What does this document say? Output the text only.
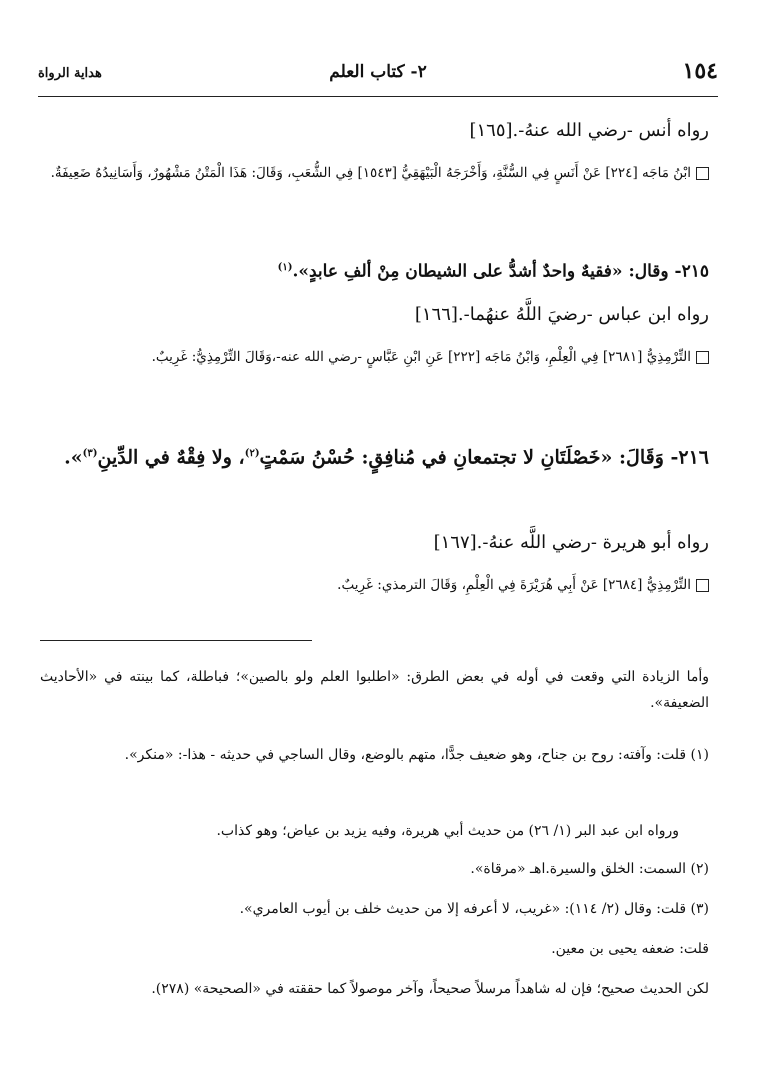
١٥٤
٢- كتاب العلم
هداية الرواة
رواه أنس -رضي الله عنهُ-.[١٦٥]
ابْنُ مَاجَه [٢٢٤] عَنْ أَنَسٍ فِي السُّنَّةِ، وَأَخْرَجَهُ الْبَيْهَقِيُّ [١٥٤٣] فِي الشُّعَبِ، وَقَالَ: هَذَا الْمَتْنُ مَشْهُورٌ، وَأَسَانِيدُهُ ضَعِيفَةٌ.
٢١٥- وقال: «فقيهٌ واحدٌ أشدُّ على الشيطان مِنْ ألفِ عابدٍ».$^{(١)}$
رواه ابن عباس -رضيَ اللَّهُ عنهُما-.[١٦٦]
التِّرْمِذِيُّ [٢٦٨١] فِي الْعِلْمِ، وَابْنُ مَاجَه [٢٢٢] عَنِ ابْنِ عَبَّاسٍ -رضي الله عنه-،وَقَالَ التِّرْمِذِيُّ: غَرِيبٌ.
٢١٦- وَقَالَ: «خَصْلَتَانِ لا تجتمعانِ في مُنافِقٍ: حُسْنُ سَمْتٍ$^{(٢)}$، ولا فِقْهٌ في الدِّينِ$^{(٣)}$».
رواه أبو هريرة -رضي اللَّه عنهُ-.[١٦٧]
التِّرْمِذِيُّ [٢٦٨٤] عَنْ أَبِي هُرَيْرَةَ فِي الْعِلْمِ، وَقَالَ الترمذي: غَرِيبٌ.
وأما الزيادة التي وقعت في أوله في بعض الطرق: «اطلبوا العلم ولو بالصين»؛ فباطلة، كما بينته في «الأحاديث الضعيفة».
(١) قلت: وآفته: روح بن جناح، وهو ضعيف جدًّا، متهم بالوضع، وقال الساجي في حديثه - هذا-: «منكر».
ورواه ابن عبد البر (١/ ٢٦) من حديث أبي هريرة، وفيه يزيد بن عياض؛ وهو كذاب.
(٢) السمت: الخلق والسيرة.اهـ «مرقاة».
(٣) قلت: وقال (٢/ ١١٤): «غريب، لا أعرفه إلا من حديث خلف بن أيوب العامري».
قلت: ضعفه يحيى بن معين.
لكن الحديث صحيح؛ فإن له شاهداً مرسلاً صحيحاً، وآخر موصولاً كما حققته في «الصحيحة» (٢٧٨).
